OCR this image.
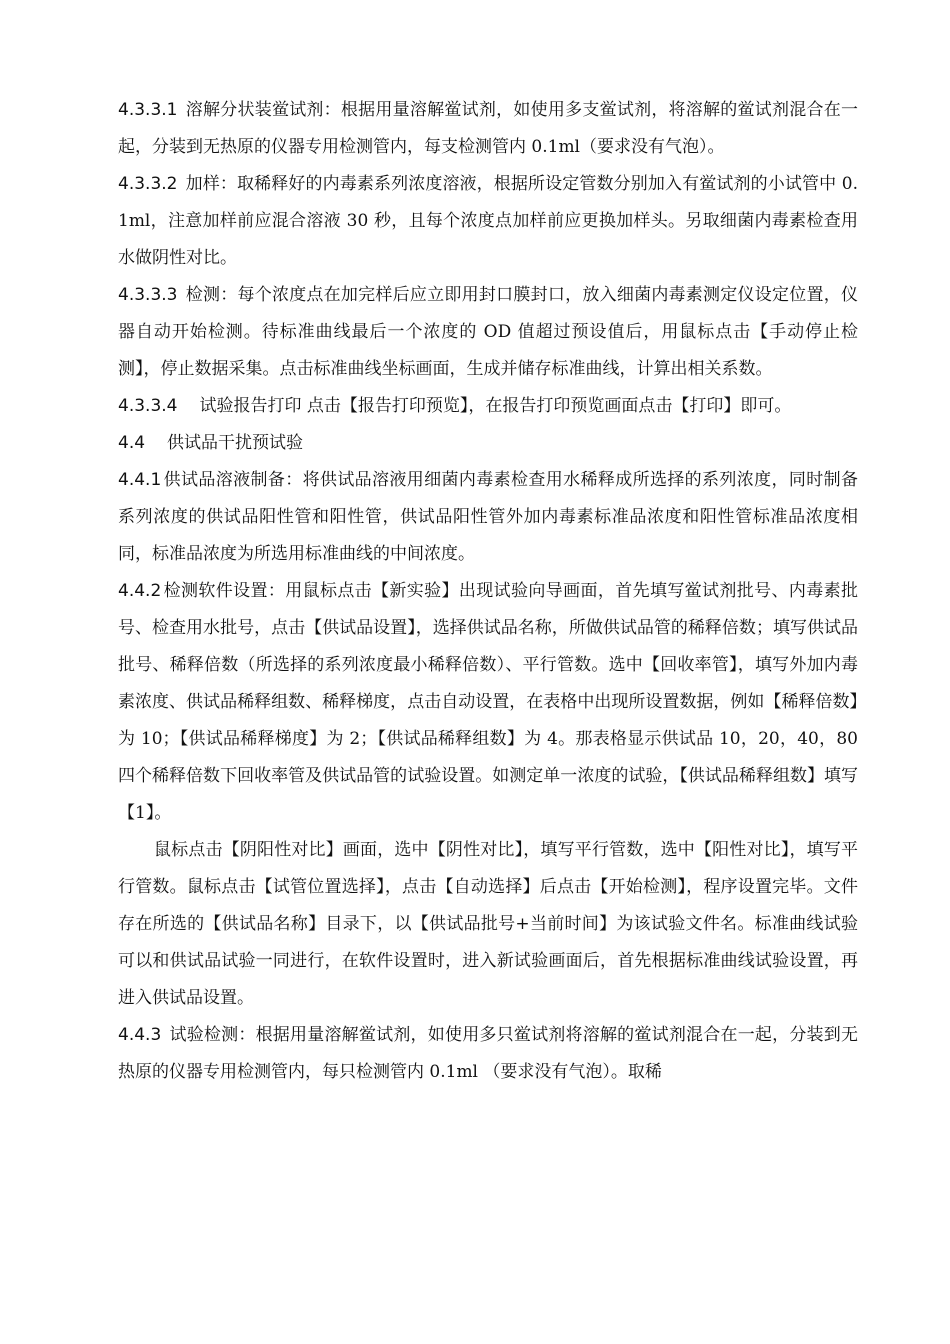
4.3.3.1 溶解分状装鲎试剂：根据用量溶解鲎试剂，如使用多支鲎试剂，将溶解的鲎试剂混合在一起，分装到无热原的仪器专用检测管内，每支检测管内 0.1ml（要求没有气泡）。

4.3.3.2 加样：取稀释好的内毒素系列浓度溶液，根据所设定管数分别加入有鲎试剂的小试管中 0.1ml，注意加样前应混合溶液 30 秒，且每个浓度点加样前应更换加样头。另取细菌内毒素检查用水做阴性对比。

4.3.3.3 检测：每个浓度点在加完样后应立即用封口膜封口，放入细菌内毒素测定仪设定位置，仪器自动开始检测。待标准曲线最后一个浓度的 OD 值超过预设值后，用鼠标点击【手动停止检测】，停止数据采集。点击标准曲线坐标画面，生成并储存标准曲线，计算出相关系数。

4.3.3.4 试验报告打印 点击【报告打印预览】，在报告打印预览画面点击【打印】即可。

4.4 供试品干扰预试验

4.4.1 供试品溶液制备：将供试品溶液用细菌内毒素检查用水稀释成所选择的系列浓度，同时制备系列浓度的供试品阳性管和阳性管，供试品阳性管外加内毒素标准品浓度和阳性管标准品浓度相同，标准品浓度为所选用标准曲线的中间浓度。

4.4.2 检测软件设置：用鼠标点击【新实验】出现试验向导画面，首先填写鲎试剂批号、内毒素批号、检查用水批号，点击【供试品设置】，选择供试品名称，所做供试品管的稀释倍数；填写供试品批号、稀释倍数（所选择的系列浓度最小稀释倍数）、平行管数。选中【回收率管】，填写外加内毒素浓度、供试品稀释组数、稀释梯度，点击自动设置，在表格中出现所设置数据，例如【稀释倍数】为 10；【供试品稀释梯度】为 2；【供试品稀释组数】为 4。那表格显示供试品 10，20，40，80 四个稀释倍数下回收率管及供试品管的试验设置。如测定单一浓度的试验，【供试品稀释组数】填写【1】。

鼠标点击【阴阳性对比】画面，选中【阴性对比】，填写平行管数，选中【阳性对比】，填写平行管数。鼠标点击【试管位置选择】，点击【自动选择】后点击【开始检测】，程序设置完毕。文件存在所选的【供试品名称】目录下，以【供试品批号+当前时间】为该试验文件名。标准曲线试验可以和供试品试验一同进行，在软件设置时，进入新试验画面后，首先根据标准曲线试验设置，再进入供试品设置。

4.4.3 试验检测：根据用量溶解鲎试剂，如使用多只鲎试剂将溶解的鲎试剂混合在一起，分装到无热原的仪器专用检测管内，每只检测管内 0.1ml （要求没有气泡）。取稀
